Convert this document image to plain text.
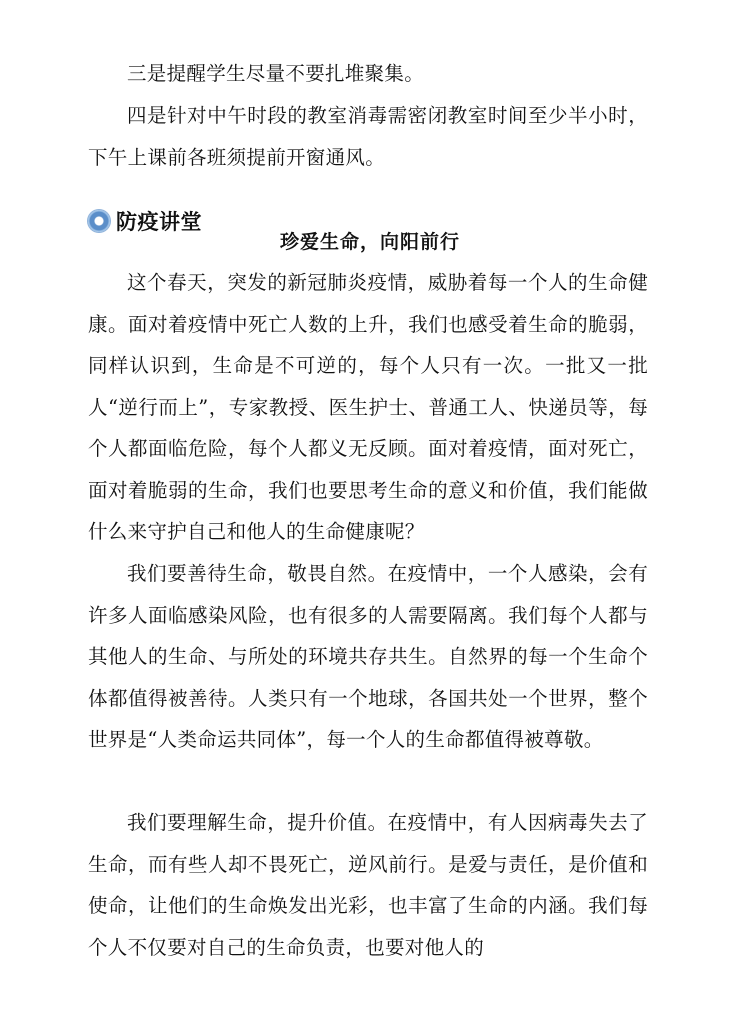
三是提醒学生尽量不要扎堆聚集。

四是针对中午时段的教室消毒需密闭教室时间至少半小时，下午上课前各班须提前开窗通风。

防疫讲堂
珍爱生命，向阳前行

这个春天，突发的新冠肺炎疫情，威胁着每一个人的生命健康。面对着疫情中死亡人数的上升，我们也感受着生命的脆弱，同样认识到，生命是不可逆的，每个人只有一次。一批又一批人“逆行而上”，专家教授、医生护士、普通工人、快递员等，每个人都面临危险，每个人都义无反顾。面对着疫情，面对死亡，面对着脆弱的生命，我们也要思考生命的意义和价值，我们能做什么来守护自己和他人的生命健康呢？

我们要善待生命，敬畏自然。在疫情中，一个人感染，会有许多人面临感染风险，也有很多的人需要隔离。我们每个人都与其他人的生命、与所处的环境共存共生。自然界的每一个生命个体都值得被善待。人类只有一个地球，各国共处一个世界，整个世界是“人类命运共同体”，每一个人的生命都值得被尊敬。

我们要理解生命，提升价值。在疫情中，有人因病毒失去了生命，而有些人却不畏死亡，逆风前行。是爱与责任，是价值和使命，让他们的生命焕发出光彩，也丰富了生命的内涵。我们每个人不仅要对自己的生命负责，也要对他人的
